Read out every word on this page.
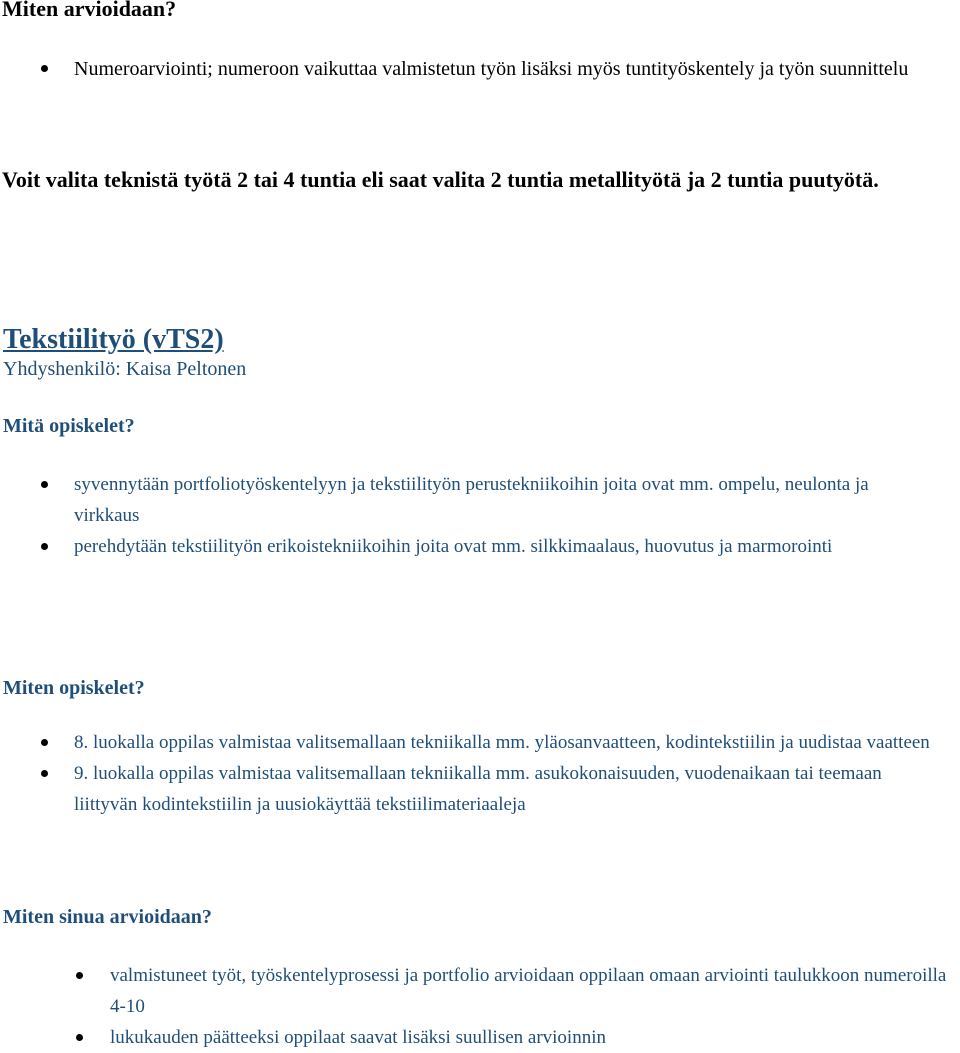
Miten arvioidaan?
Numeroarviointi; numeroon vaikuttaa valmistetun työn lisäksi myös tuntityöskentely ja työn suunnittelu
Voit valita teknistä työtä 2 tai 4 tuntia eli saat valita 2 tuntia metallityötä ja 2 tuntia puutyötä.
Tekstiilityö (vTS2)
Yhdyshenkilö: Kaisa Peltonen
Mitä opiskelet?
syvennytään portfoliotyöskentelyyn ja tekstiilityön perustekniikoihin joita ovat mm. ompelu, neulonta ja virkkaus
perehdytään tekstiilityön erikoistekniikoihin joita ovat mm. silkkimaalaus, huovutus ja marmorointi
Miten opiskelet?
8. luokalla oppilas valmistaa valitsemallaan tekniikalla mm. yläosanvaatteen, kodintekstiilin ja uudistaa vaatteen
9. luokalla oppilas valmistaa valitsemallaan tekniikalla mm. asukokonaisuuden, vuodenaikaan tai teemaan liittyvän kodintekstiilin ja uusiokäyttää tekstiilimateriaaleja
Miten sinua arvioidaan?
valmistuneet työt, työskentelyprosessi ja portfolio arvioidaan oppilaan omaan arviointi taulukkoon numeroilla 4-10
lukukauden päätteeksi oppilaat saavat lisäksi suullisen arvioinnin
